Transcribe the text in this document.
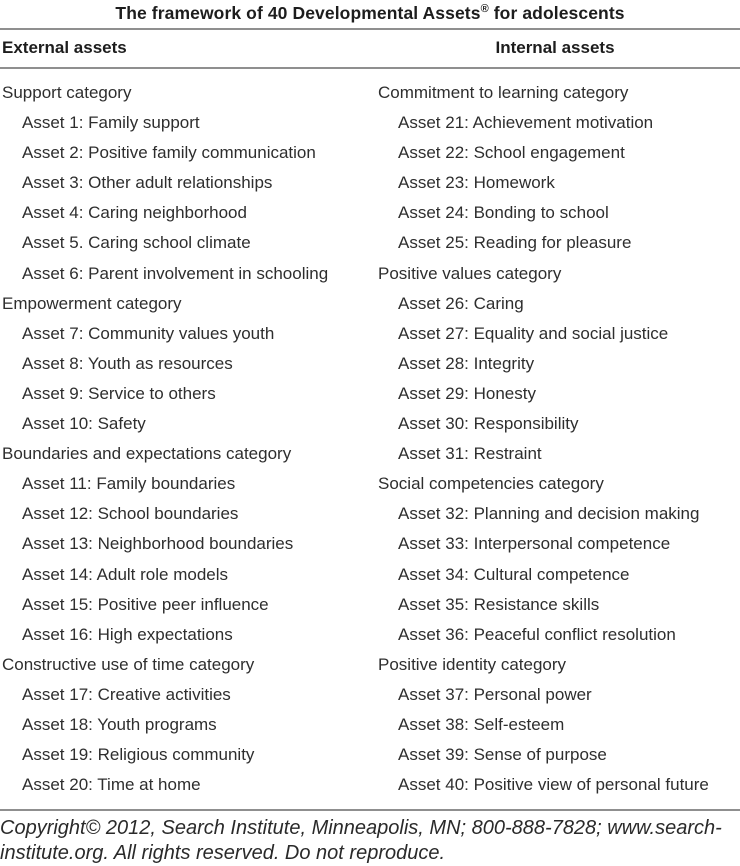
The framework of 40 Developmental Assets® for adolescents
External assets	Internal assets
Support category
Asset 1: Family support
Asset 2: Positive family communication
Asset 3: Other adult relationships
Asset 4: Caring neighborhood
Asset 5. Caring school climate
Asset 6: Parent involvement in schooling
Empowerment category
Asset 7: Community values youth
Asset 8: Youth as resources
Asset 9: Service to others
Asset 10: Safety
Boundaries and expectations category
Asset 11: Family boundaries
Asset 12: School boundaries
Asset 13: Neighborhood boundaries
Asset 14: Adult role models
Asset 15: Positive peer influence
Asset 16: High expectations
Constructive use of time category
Asset 17: Creative activities
Asset 18: Youth programs
Asset 19: Religious community
Asset 20: Time at home
Commitment to learning category
Asset 21: Achievement motivation
Asset 22: School engagement
Asset 23: Homework
Asset 24: Bonding to school
Asset 25: Reading for pleasure
Positive values category
Asset 26: Caring
Asset 27: Equality and social justice
Asset 28: Integrity
Asset 29: Honesty
Asset 30: Responsibility
Asset 31: Restraint
Social competencies category
Asset 32: Planning and decision making
Asset 33: Interpersonal competence
Asset 34: Cultural competence
Asset 35: Resistance skills
Asset 36: Peaceful conflict resolution
Positive identity category
Asset 37: Personal power
Asset 38: Self-esteem
Asset 39: Sense of purpose
Asset 40: Positive view of personal future
Copyright© 2012, Search Institute, Minneapolis, MN; 800-888-7828; www.search-
institute.org. All rights reserved. Do not reproduce.
